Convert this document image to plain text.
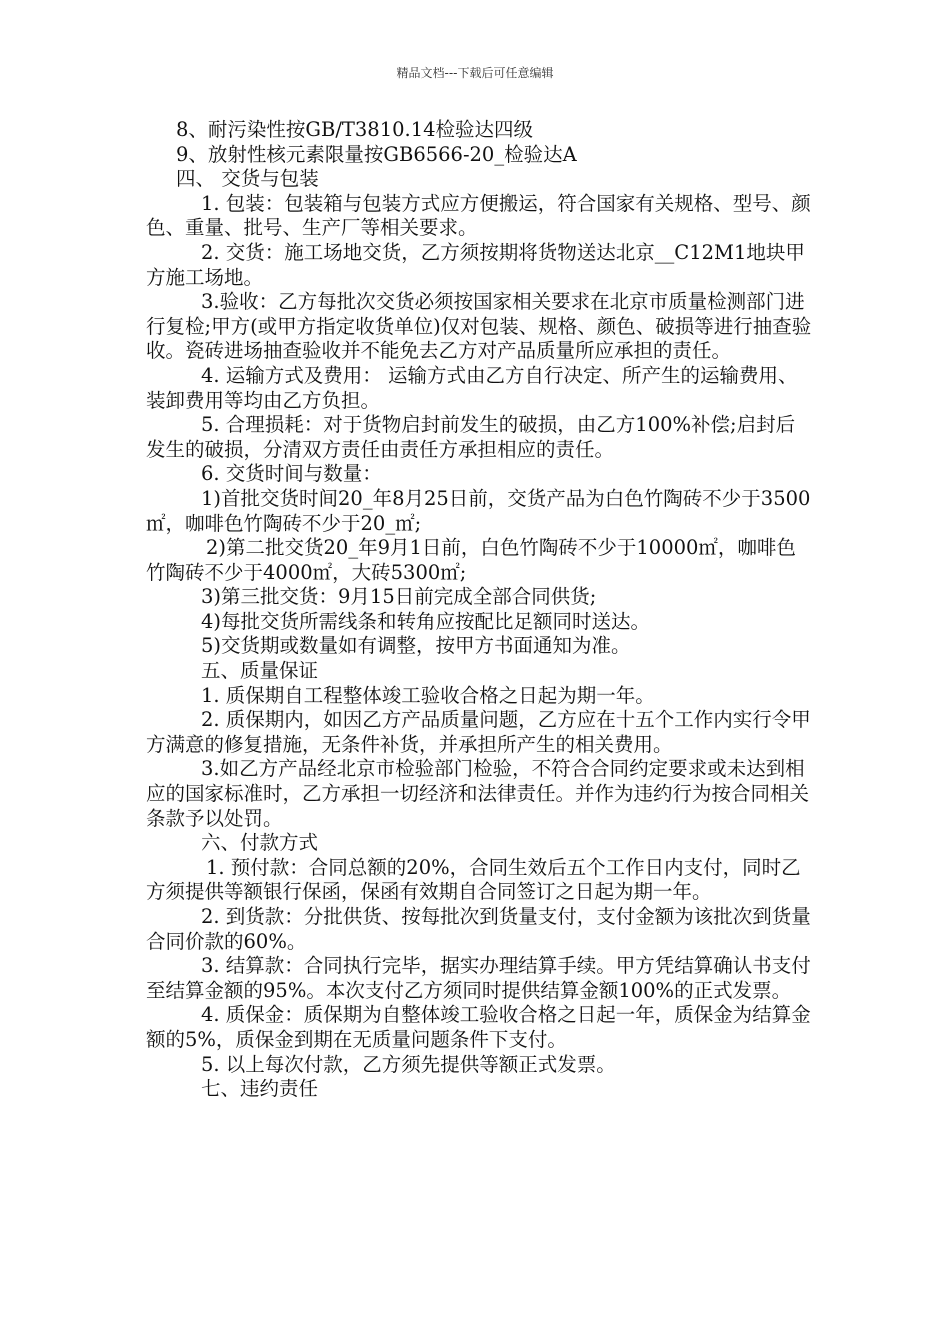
精品文档---下载后可任意编辑

8、耐污染性按GB/T3810.14检验达四级

9、放射性核元素限量按GB6566-20_检验达A

四、 交货与包装

1. 包装：包装箱与包装方式应方便搬运，符合国家有关规格、型号、颜色、重量、批号、生产厂等相关要求。

2. 交货：施工场地交货，乙方须按期将货物送达北京__C12M1地块甲方施工场地。

3.验收：乙方每批次交货必须按国家相关要求在北京市质量检测部门进行复检;甲方(或甲方指定收货单位)仅对包装、规格、颜色、破损等进行抽查验收。瓷砖进场抽查验收并不能免去乙方对产品质量所应承担的责任。

4. 运输方式及费用： 运输方式由乙方自行决定、所产生的运输费用、装卸费用等均由乙方负担。

5. 合理损耗：对于货物启封前发生的破损，由乙方100%补偿;启封后发生的破损，分清双方责任由责任方承担相应的责任。

6. 交货时间与数量：

1)首批交货时间20_年8月25日前，交货产品为白色竹陶砖不少于3500㎡，咖啡色竹陶砖不少于20_㎡;

2)第二批交货20_年9月1日前，白色竹陶砖不少于10000㎡，咖啡色竹陶砖不少于4000㎡，大砖5300㎡;

3)第三批交货：9月15日前完成全部合同供货;

4)每批交货所需线条和转角应按配比足额同时送达。

5)交货期或数量如有调整，按甲方书面通知为准。

五、质量保证

1. 质保期自工程整体竣工验收合格之日起为期一年。

2. 质保期内，如因乙方产品质量问题，乙方应在十五个工作内实行令甲方满意的修复措施，无条件补货，并承担所产生的相关费用。

3.如乙方产品经北京市检验部门检验，不符合合同约定要求或未达到相应的国家标准时，乙方承担一切经济和法律责任。并作为违约行为按合同相关条款予以处罚。

六、付款方式

1. 预付款：合同总额的20%，合同生效后五个工作日内支付，同时乙方须提供等额银行保函，保函有效期自合同签订之日起为期一年。

2. 到货款：分批供货、按每批次到货量支付，支付金额为该批次到货量合同价款的60%。

3. 结算款：合同执行完毕，据实办理结算手续。甲方凭结算确认书支付至结算金额的95%。本次支付乙方须同时提供结算金额100%的正式发票。

4. 质保金：质保期为自整体竣工验收合格之日起一年，质保金为结算金额的5%，质保金到期在无质量问题条件下支付。

5. 以上每次付款，乙方须先提供等额正式发票。

七、违约责任
